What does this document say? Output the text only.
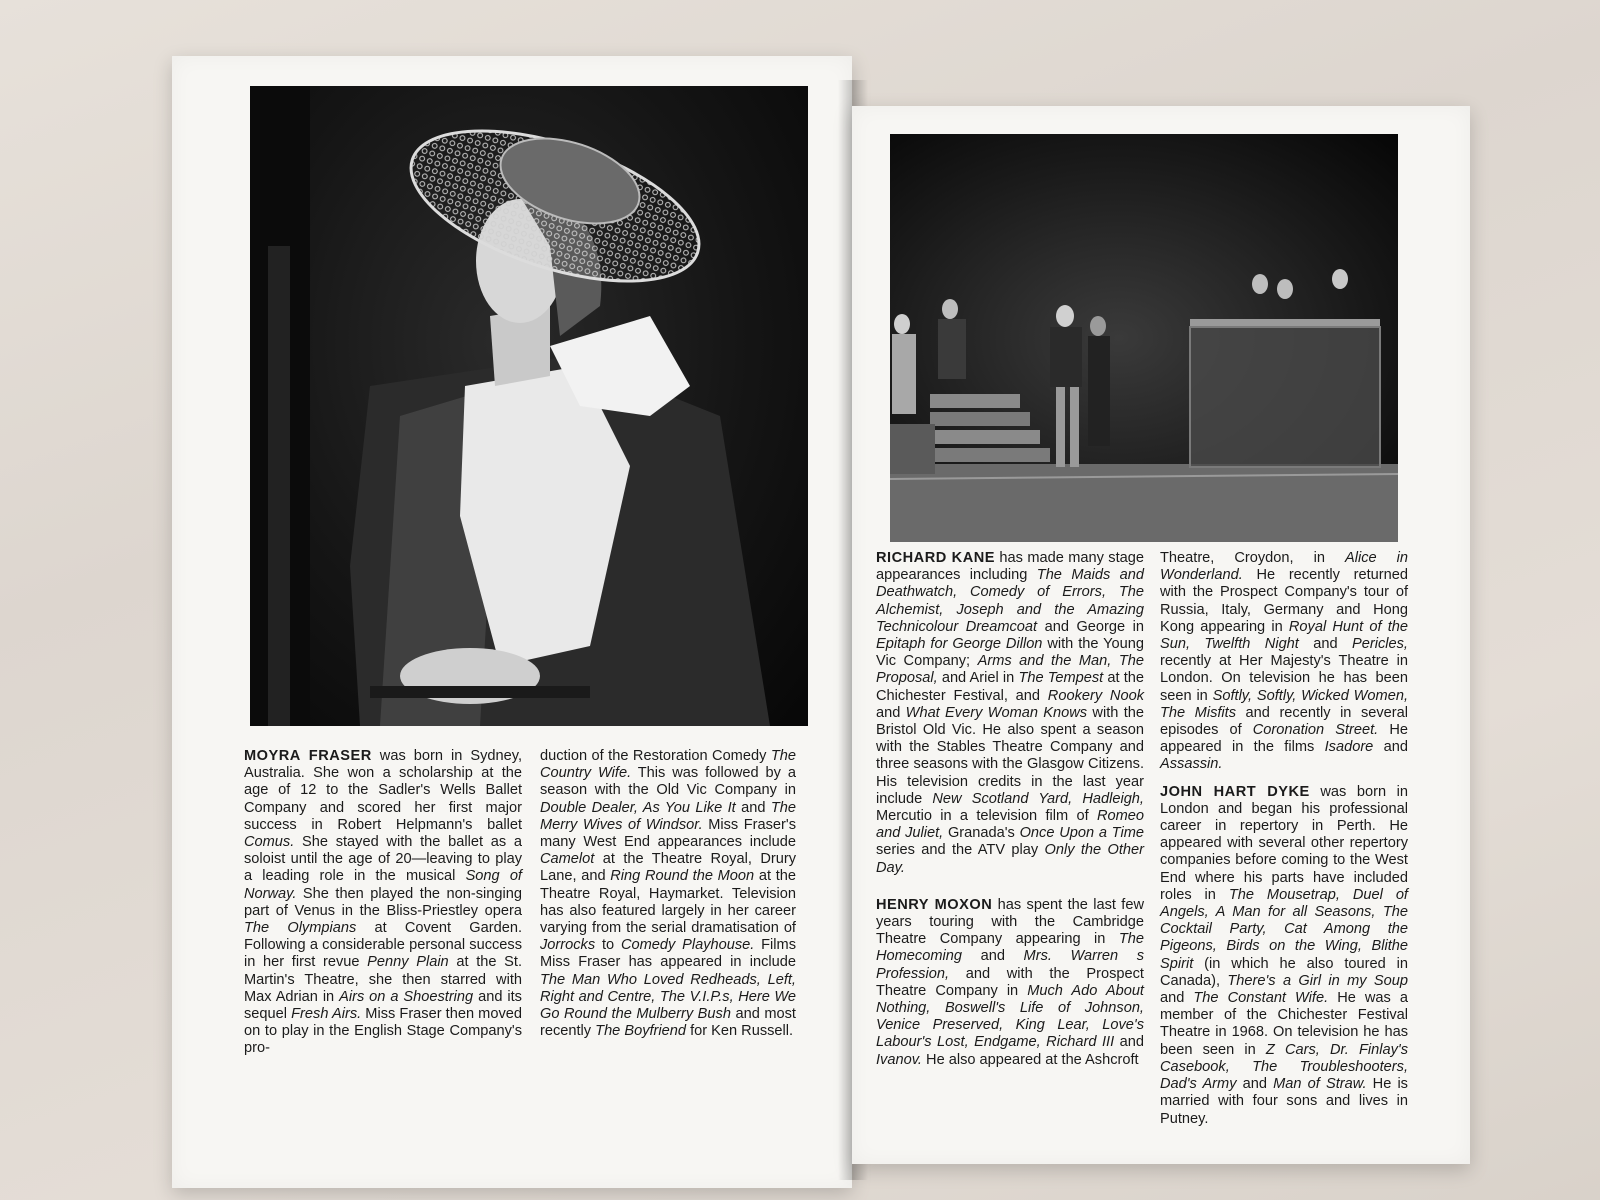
MOYRA FRASER was born in Sydney, Australia. She won a scholarship at the age of 12 to the Sadler's Wells Ballet Company and scored her first major success in Robert Helpmann's ballet Comus. She stayed with the ballet as a soloist until the age of 20—leaving to play a leading role in the musical Song of Norway. She then played the non-singing part of Venus in the Bliss-Priestley opera The Olympians at Covent Garden. Following a considerable personal success in her first revue Penny Plain at the St. Martin's Theatre, she then starred with Max Adrian in Airs on a Shoestring and its sequel Fresh Airs. Miss Fraser then moved on to play in the English Stage Company's pro-

duction of the Restoration Comedy The Country Wife. This was followed by a season with the Old Vic Company in Double Dealer, As You Like It and The Merry Wives of Windsor. Miss Fraser's many West End appearances include Camelot at the Theatre Royal, Drury Lane, and Ring Round the Moon at the Theatre Royal, Haymarket. Television has also featured largely in her career varying from the serial dramatisation of Jorrocks to Comedy Playhouse. Films Miss Fraser has appeared in include The Man Who Loved Redheads, Left, Right and Centre, The V.I.P.s, Here We Go Round the Mulberry Bush and most recently The Boyfriend for Ken Russell.

RICHARD KANE has made many stage appearances including The Maids and Deathwatch, Comedy of Errors, The Alchemist, Joseph and the Amazing Technicolour Dreamcoat and George in Epitaph for George Dillon with the Young Vic Company; Arms and the Man, The Proposal, and Ariel in The Tempest at the Chichester Festival, and Rookery Nook and What Every Woman Knows with the Bristol Old Vic. He also spent a season with the Stables Theatre Company and three seasons with the Glasgow Citizens. His television credits in the last year include New Scotland Yard, Hadleigh, Mercutio in a television film of Romeo and Juliet, Granada's Once Upon a Time series and the ATV play Only the Other Day.

HENRY MOXON has spent the last few years touring with the Cambridge Theatre Company appearing in The Homecoming and Mrs. Warren s Profession, and with the Prospect Theatre Company in Much Ado About Nothing, Boswell's Life of Johnson, Venice Preserved, King Lear, Love's Labour's Lost, Endgame, Richard III and Ivanov. He also appeared at the Ashcroft

Theatre, Croydon, in Alice in Wonderland. He recently returned with the Prospect Company's tour of Russia, Italy, Germany and Hong Kong appearing in Royal Hunt of the Sun, Twelfth Night and Pericles, recently at Her Majesty's Theatre in London. On television he has been seen in Softly, Softly, Wicked Women, The Misfits and recently in several episodes of Coronation Street. He appeared in the films Isadore and Assassin.

JOHN HART DYKE was born in London and began his professional career in repertory in Perth. He appeared with several other repertory companies before coming to the West End where his parts have included roles in The Mousetrap, Duel of Angels, A Man for all Seasons, The Cocktail Party, Cat Among the Pigeons, Birds on the Wing, Blithe Spirit (in which he also toured in Canada), There's a Girl in my Soup and The Constant Wife. He was a member of the Chichester Festival Theatre in 1968. On television he has been seen in Z Cars, Dr. Finlay's Casebook, The Troubleshooters, Dad's Army and Man of Straw. He is married with four sons and lives in Putney.
